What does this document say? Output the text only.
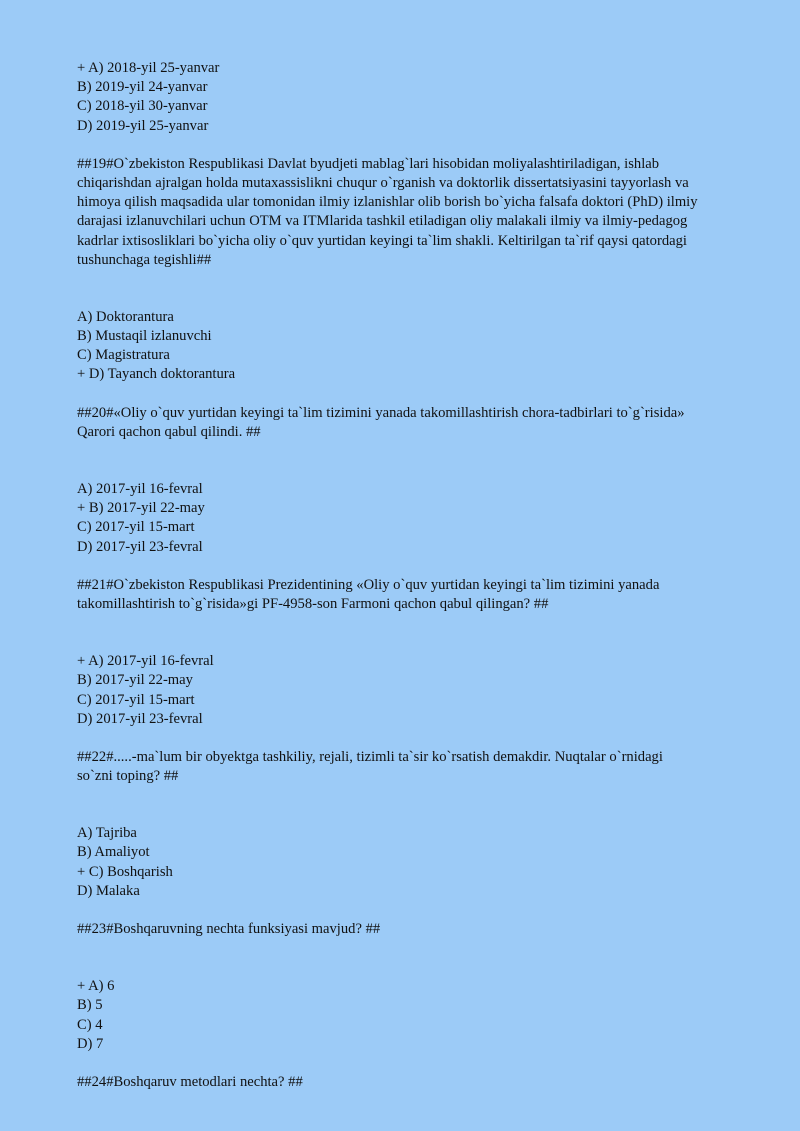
+ A) 2018-yil 25-yanvar
B) 2019-yil 24-yanvar
C) 2018-yil 30-yanvar
D) 2019-yil 25-yanvar
##19#O`zbekiston Respublikasi Davlat byudjeti mablag`lari hisobidan moliyalashtiriladigan, ishlab
chiqarishdan ajralgan holda mutaxassislikni chuqur o`rganish va doktorlik dissertatsiyasini tayyorlash va
himoya qilish maqsadida ular tomonidan ilmiy izlanishlar olib borish bo`yicha falsafa doktori (PhD) ilmiy
darajasi izlanuvchilari uchun OTM va ITMlarida tashkil etiladigan oliy malakali ilmiy va ilmiy-pedagog
kadrlar ixtisosliklari bo`yicha oliy o`quv yurtidan keyingi ta`lim shakli. Keltirilgan ta`rif qaysi qatordagi
tushunchaga tegishli##
A) Doktorantura
B) Mustaqil izlanuvchi
C) Magistratura
+ D) Tayanch doktorantura
##20#«Oliy o`quv yurtidan keyingi ta`lim tizimini yanada takomillashtirish chora-tadbirlari to`g`risida»
Qarori qachon qabul qilindi. ##
A) 2017-yil 16-fevral
+ B) 2017-yil 22-may
C) 2017-yil 15-mart
D) 2017-yil 23-fevral
##21#O`zbekiston Respublikasi Prezidentining «Oliy o`quv yurtidan keyingi ta`lim tizimini yanada
takomillashtirish to`g`risida»gi PF-4958-son Farmoni qachon qabul qilingan? ##
+ A) 2017-yil 16-fevral
B) 2017-yil 22-may
C) 2017-yil 15-mart
D) 2017-yil 23-fevral
##22#.....-ma`lum bir obyektga tashkiliy, rejali, tizimli ta`sir ko`rsatish demakdir. Nuqtalar o`rnidagi
so`zni toping? ##
A) Tajriba
B) Amaliyot
+ C) Boshqarish
D) Malaka
##23#Boshqaruvning nechta funksiyasi mavjud? ##
+ A) 6
B) 5
C) 4
D) 7
##24#Boshqaruv metodlari nechta? ##
